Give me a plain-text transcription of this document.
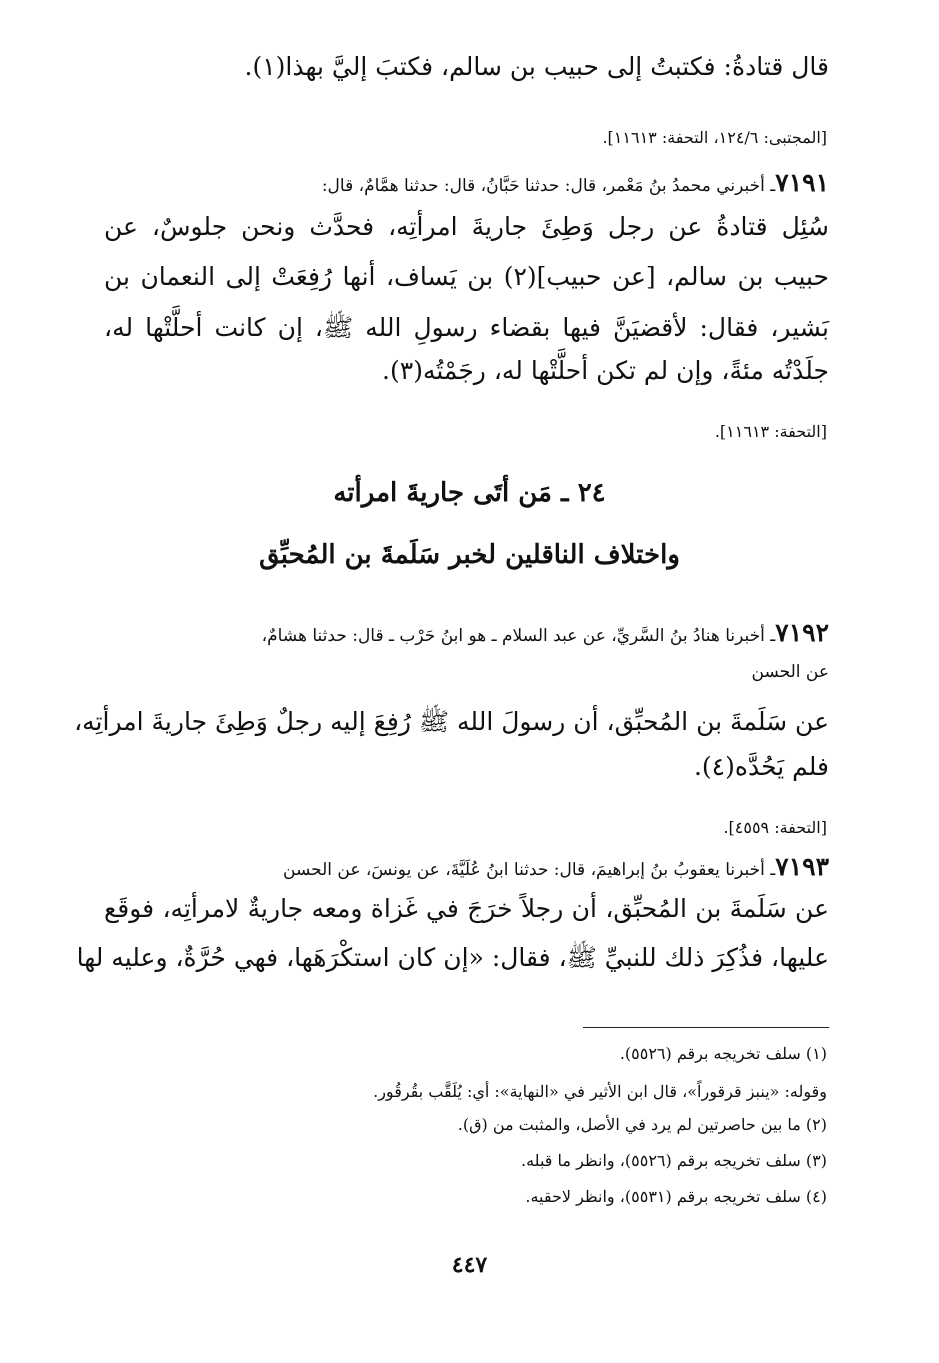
قال قتادةُ: فكتبتُ إلى حبيب بن سالم، فكتبَ إليَّ بهذا(١).
[المجتبى: ١٢٤/٦، التحفة: ١١٦١٣].
٧١٩١ـ أخبرني محمدُ بنُ مَعْمر، قال: حدثنا حَبَّانُ، قال: حدثنا همَّامٌ، قال:
سُئِل قتادةُ عن رجل وَطِئَ جاريةَ امرأتِه، فحدَّث ونحن جلوسٌ، عن
حبيب بن سالم، [عن حبيب](٢) بن يَساف، أنها رُفِعَتْ إلى النعمان بن
بَشير، فقال: لأقضيَنَّ فيها بقضاء رسولِ الله ﷺ، إن كانت أحلَّتْها له،
جلَدْتُه مئةً، وإن لم تكن أحلَّتْها له، رجَمْتُه(٣).
[التحفة: ١١٦١٣].
٢٤ ـ مَن أتَى جاريةَ امرأته
واختلاف الناقلين لخبر سَلَمةَ بن المُحبِّق
٧١٩٢ـ أخبرنا هنادُ بنُ السَّريِّ، عن عبد السلام ـ هو ابنُ حَرْب ـ قال: حدثنا هشامٌ،
عن الحسن
عن سَلَمةَ بن المُحبِّق، أن رسولَ الله ﷺ رُفِعَ إليه رجلٌ وَطِئَ جاريةَ امرأتِه،
فلم يَحُدَّه(٤).
[التحفة: ٤٥٥٩].
٧١٩٣ـ أخبرنا يعقوبُ بنُ إبراهيمَ، قال: حدثنا ابنُ عُلَيَّةَ، عن يونسَ، عن الحسن
عن سَلَمةَ بن المُحبِّق، أن رجلاً خرَجَ في غَزاة ومعه جاريةٌ لامرأتِه، فوقَع
عليها، فذُكِرَ ذلك للنبيِّ ﷺ، فقال: «إن كان استكْرَهَها، فهي حُرَّةٌ، وعليه لها
(١) سلف تخريجه برقم (٥٥٢٦).
وقوله: «ينبز قرقوراً»، قال ابن الأثير في «النهاية»: أي: يُلَقَّب بقُرقُور.
(٢) ما بين حاصرتين لم يرد في الأصل، والمثبت من (ق).
(٣) سلف تخريجه برقم (٥٥٢٦)، وانظر ما قبله.
(٤) سلف تخريجه برقم (٥٥٣١)، وانظر لاحقيه.
٤٤٧
